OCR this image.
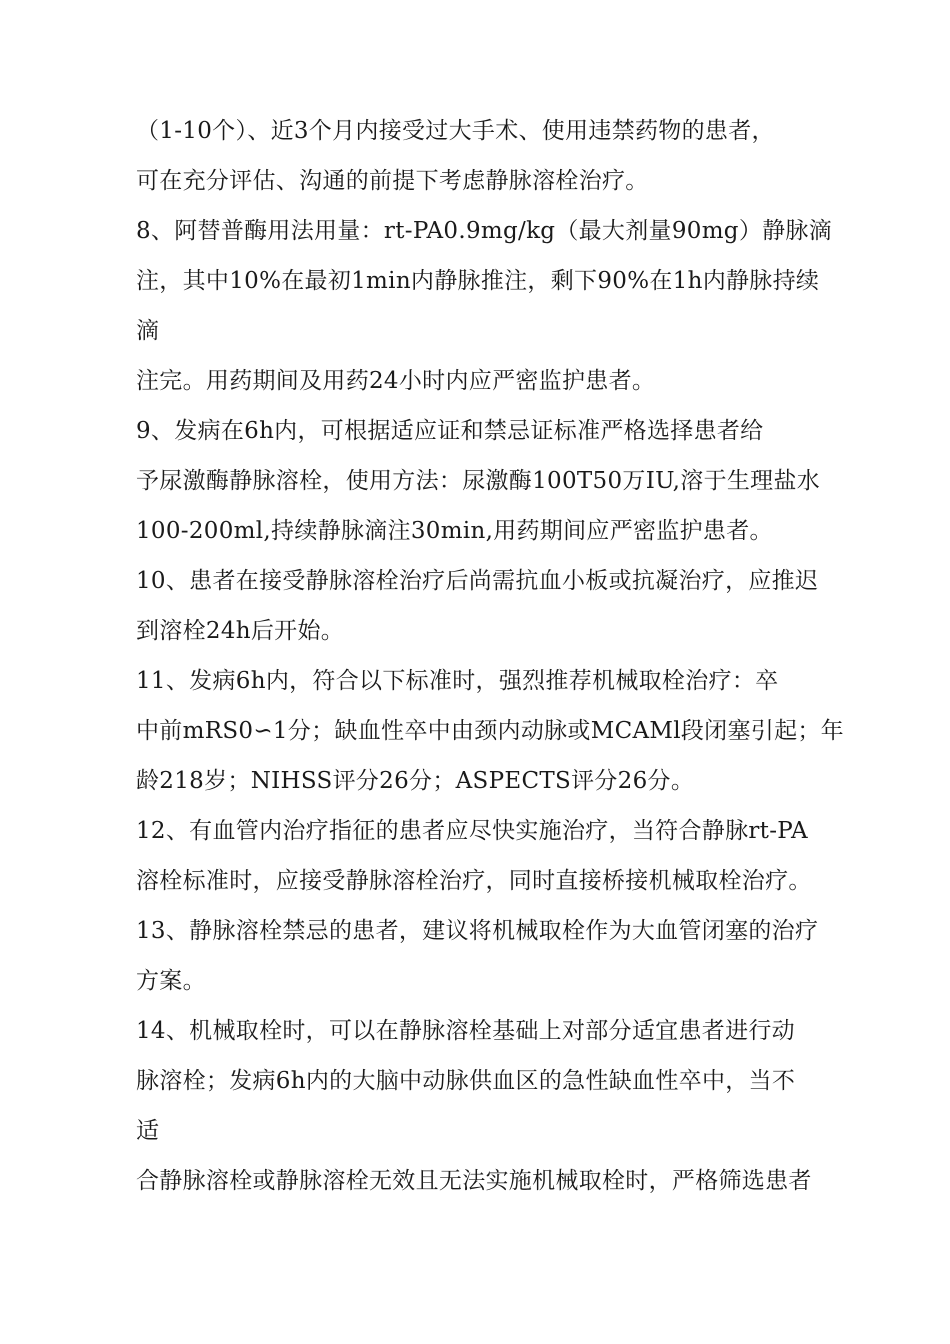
（1-10个）、近3个月内接受过大手术、使用违禁药物的患者，
可在充分评估、沟通的前提下考虑静脉溶栓治疗。
8、阿替普酶用法用量：rt-PA0.9mg/kg（最大剂量90mg）静脉滴
注，其中10%在最初1min内静脉推注，剩下90%在1h内静脉持续
滴
注完。用药期间及用药24小时内应严密监护患者。
9、发病在6h内，可根据适应证和禁忌证标准严格选择患者给
予尿激酶静脉溶栓，使用方法：尿激酶100T50万IU,溶于生理盐水
100-200ml,持续静脉滴注30min,用药期间应严密监护患者。
10、患者在接受静脉溶栓治疗后尚需抗血小板或抗凝治疗，应推迟
到溶栓24h后开始。
11、发病6h内，符合以下标准时，强烈推荐机械取栓治疗：卒
中前mRS0∽1分；缺血性卒中由颈内动脉或MCAMl段闭塞引起；年
龄218岁；NIHSS评分26分；ASPECTS评分26分。
12、有血管内治疗指征的患者应尽快实施治疗，当符合静脉rt-PA
溶栓标准时，应接受静脉溶栓治疗，同时直接桥接机械取栓治疗。
13、静脉溶栓禁忌的患者，建议将机械取栓作为大血管闭塞的治疗
方案。
14、机械取栓时，可以在静脉溶栓基础上对部分适宜患者进行动
脉溶栓；发病6h内的大脑中动脉供血区的急性缺血性卒中，当不
适
合静脉溶栓或静脉溶栓无效且无法实施机械取栓时，严格筛选患者
